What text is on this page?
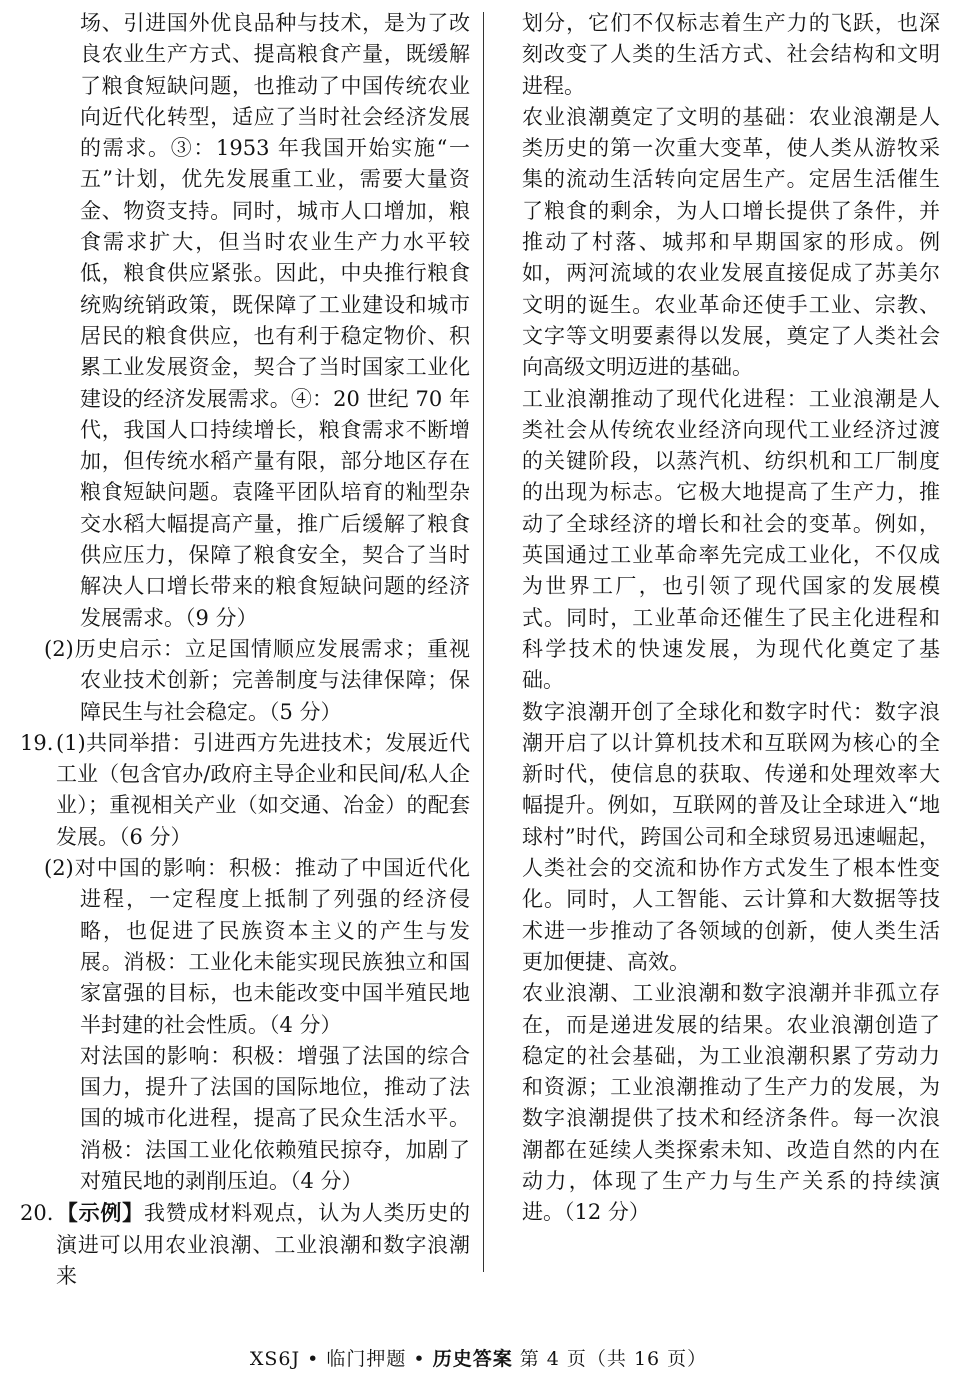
场、引进国外优良品种与技术，是为了改良农业生产方式、提高粮食产量，既缓解了粮食短缺问题，也推动了中国传统农业向近代化转型，适应了当时社会经济发展的需求。③：1953 年我国开始实施“一五”计划，优先发展重工业，需要大量资金、物资支持。同时，城市人口增加，粮食需求扩大，但当时农业生产力水平较低，粮食供应紧张。因此，中央推行粮食统购统销政策，既保障了工业建设和城市居民的粮食供应，也有利于稳定物价、积累工业发展资金，契合了当时国家工业化建设的经济发展需求。④：20 世纪 70 年代，我国人口持续增长，粮食需求不断增加，但传统水稻产量有限，部分地区存在粮食短缺问题。袁隆平团队培育的籼型杂交水稻大幅提高产量，推广后缓解了粮食供应压力，保障了粮食安全，契合了当时解决人口增长带来的粮食短缺问题的经济发展需求。（9 分）

(2)历史启示：立足国情顺应发展需求；重视农业技术创新；完善制度与法律保障；保障民生与社会稳定。（5 分）

19. (1)共同举措：引进西方先进技术；发展近代工业（包含官办/政府主导企业和民间/私人企业）；重视相关产业（如交通、冶金）的配套发展。（6 分）

(2)对中国的影响：积极：推动了中国近代化进程，一定程度上抵制了列强的经济侵略，也促进了民族资本主义的产生与发展。消极：工业化未能实现民族独立和国家富强的目标，也未能改变中国半殖民地半封建的社会性质。（4 分）

对法国的影响：积极：增强了法国的综合国力，提升了法国的国际地位，推动了法国的城市化进程，提高了民众生活水平。消极：法国工业化依赖殖民掠夺，加剧了对殖民地的剥削压迫。（4 分）

20. 【示例】我赞成材料观点，认为人类历史的演进可以用农业浪潮、工业浪潮和数字浪潮来

划分，它们不仅标志着生产力的飞跃，也深刻改变了人类的生活方式、社会结构和文明进程。

农业浪潮奠定了文明的基础：农业浪潮是人类历史的第一次重大变革，使人类从游牧采集的流动生活转向定居生产。定居生活催生了粮食的剩余，为人口增长提供了条件，并推动了村落、城邦和早期国家的形成。例如，两河流域的农业发展直接促成了苏美尔文明的诞生。农业革命还使手工业、宗教、文字等文明要素得以发展，奠定了人类社会向高级文明迈进的基础。

工业浪潮推动了现代化进程：工业浪潮是人类社会从传统农业经济向现代工业经济过渡的关键阶段，以蒸汽机、纺织机和工厂制度的出现为标志。它极大地提高了生产力，推动了全球经济的增长和社会的变革。例如，英国通过工业革命率先完成工业化，不仅成为世界工厂，也引领了现代国家的发展模式。同时，工业革命还催生了民主化进程和科学技术的快速发展，为现代化奠定了基础。

数字浪潮开创了全球化和数字时代：数字浪潮开启了以计算机技术和互联网为核心的全新时代，使信息的获取、传递和处理效率大幅提升。例如，互联网的普及让全球进入“地球村”时代，跨国公司和全球贸易迅速崛起，人类社会的交流和协作方式发生了根本性变化。同时，人工智能、云计算和大数据等技术进一步推动了各领域的创新，使人类生活更加便捷、高效。

农业浪潮、工业浪潮和数字浪潮并非孤立存在，而是递进发展的结果。农业浪潮创造了稳定的社会基础，为工业浪潮积累了劳动力和资源；工业浪潮推动了生产力的发展，为数字浪潮提供了技术和经济条件。每一次浪潮都在延续人类探索未知、改造自然的内在动力，体现了生产力与生产关系的持续演进。（12 分）

XS6J • 临门押题 • 历史答案 第 4 页（共 16 页）
